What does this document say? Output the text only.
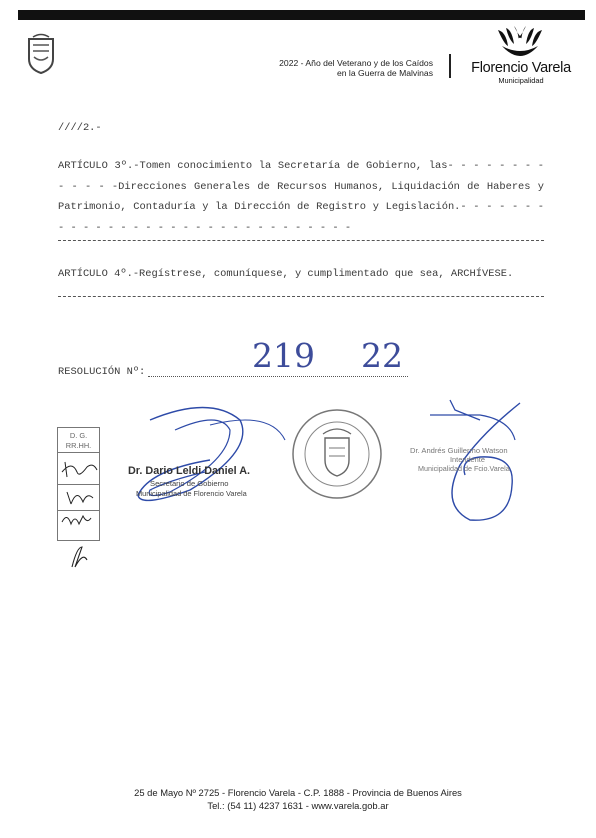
2022 - Año del Veterano y de los Caídos
en la Guerra de Malvinas	Florencio Varela
Municipalidad
////2.-
ARTÍCULO 3º.-Tomen conocimiento la Secretaría de Gobierno, las- - - - - - - - - - - - -Direcciones Generales de Recursos Humanos, Liquidación de Haberes y Patrimonio, Contaduría y la Dirección de Registro y Legislación.- - - - - - - - - - - - - - - - - - - - - - - - - - - - - - -
ARTÍCULO 4º.-Regístrese, comuníquese, y cumplimentado que sea, ARCHÍVESE.
RESOLUCIÓN Nº:	219 22
Dr. Dario Leldi Daniel A.
Secretario de Gobierno
Municipalidad de Florencio Varela
Dr. Andrés Guillermo Watson
Intendente
Municipalidad de Fcio.Varela
D. G.
RR.HH.
25 de Mayo Nº 2725 - Florencio Varela - C.P. 1888 - Provincia de Buenos Aires
Tel.: (54 11) 4237 1631 - www.varela.gob.ar
